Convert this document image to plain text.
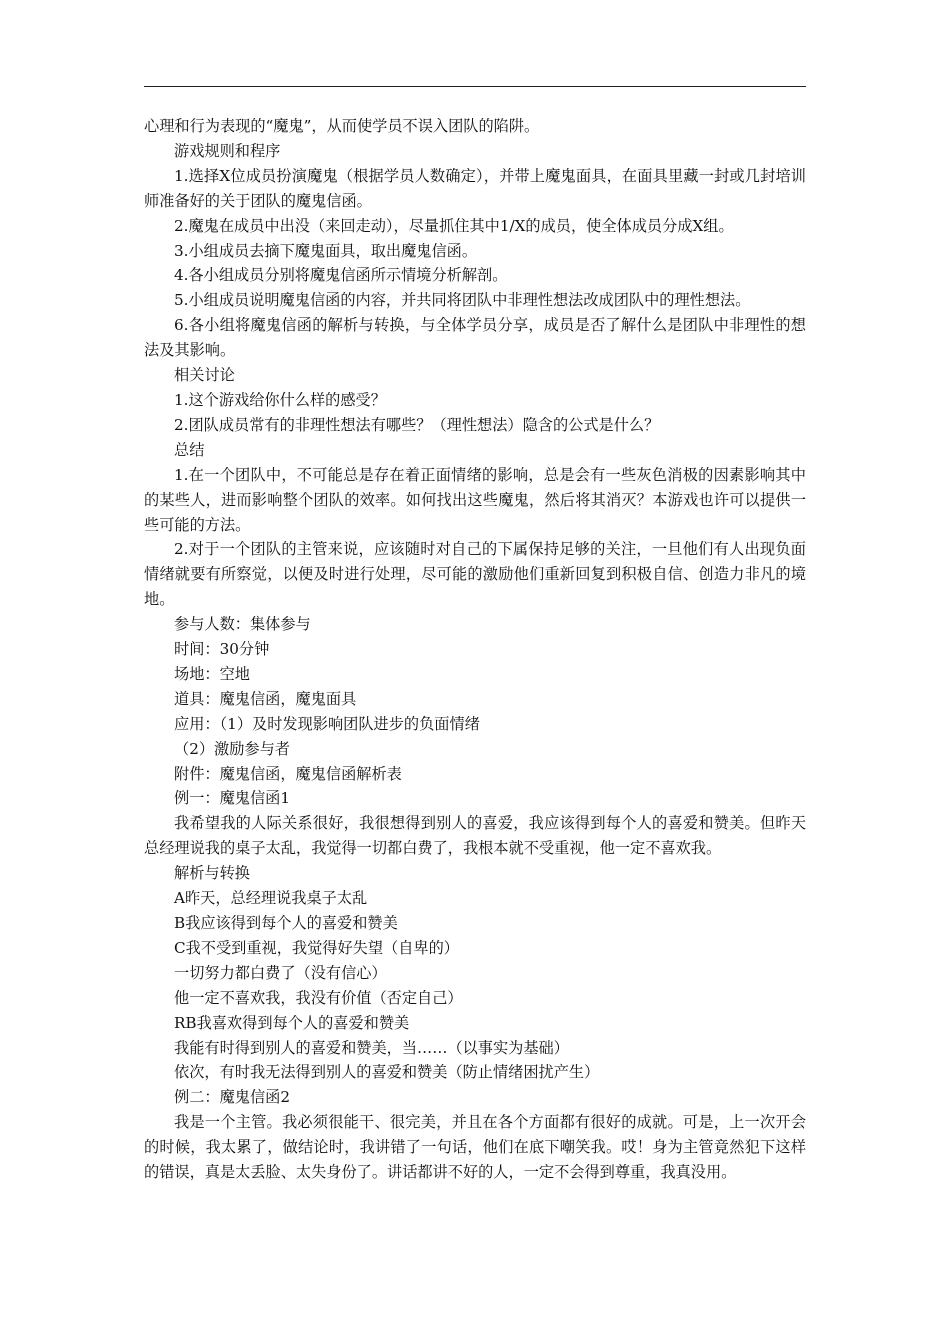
心理和行为表现的“魔鬼”，从而使学员不误入团队的陷阱。

游戏规则和程序

1.选择X位成员扮演魔鬼（根据学员人数确定），并带上魔鬼面具，在面具里藏一封或几封培训师准备好的关于团队的魔鬼信函。

2.魔鬼在成员中出没（来回走动），尽量抓住其中1/X的成员，使全体成员分成X组。

3.小组成员去摘下魔鬼面具，取出魔鬼信函。

4.各小组成员分别将魔鬼信函所示情境分析解剖。

5.小组成员说明魔鬼信函的内容，并共同将团队中非理性想法改成团队中的理性想法。

6.各小组将魔鬼信函的解析与转换，与全体学员分享，成员是否了解什么是团队中非理性的想法及其影响。

相关讨论

1.这个游戏给你什么样的感受？

2.团队成员常有的非理性想法有哪些？（理性想法）隐含的公式是什么？

总结

1.在一个团队中，不可能总是存在着正面情绪的影响，总是会有一些灰色消极的因素影响其中的某些人，进而影响整个团队的效率。如何找出这些魔鬼，然后将其消灭？本游戏也许可以提供一些可能的方法。

2.对于一个团队的主管来说，应该随时对自己的下属保持足够的关注，一旦他们有人出现负面情绪就要有所察觉，以便及时进行处理，尽可能的激励他们重新回复到积极自信、创造力非凡的境地。

参与人数：集体参与

时间：30分钟

场地：空地

道具：魔鬼信函，魔鬼面具

应用：（1）及时发现影响团队进步的负面情绪

（2）激励参与者

附件：魔鬼信函，魔鬼信函解析表

例一：魔鬼信函1

我希望我的人际关系很好，我很想得到别人的喜爱，我应该得到每个人的喜爱和赞美。但昨天总经理说我的桌子太乱，我觉得一切都白费了，我根本就不受重视，他一定不喜欢我。

解析与转换

A昨天，总经理说我桌子太乱

B我应该得到每个人的喜爱和赞美

C我不受到重视，我觉得好失望（自卑的）

一切努力都白费了（没有信心）

他一定不喜欢我，我没有价值（否定自己）

RB我喜欢得到每个人的喜爱和赞美

我能有时得到别人的喜爱和赞美，当……（以事实为基础）

依次，有时我无法得到别人的喜爱和赞美（防止情绪困扰产生）

例二：魔鬼信函2

我是一个主管。我必须很能干、很完美，并且在各个方面都有很好的成就。可是，上一次开会的时候，我太累了，做结论时，我讲错了一句话，他们在底下嘲笑我。哎！身为主管竟然犯下这样的错误，真是太丢脸、太失身份了。讲话都讲不好的人，一定不会得到尊重，我真没用。
